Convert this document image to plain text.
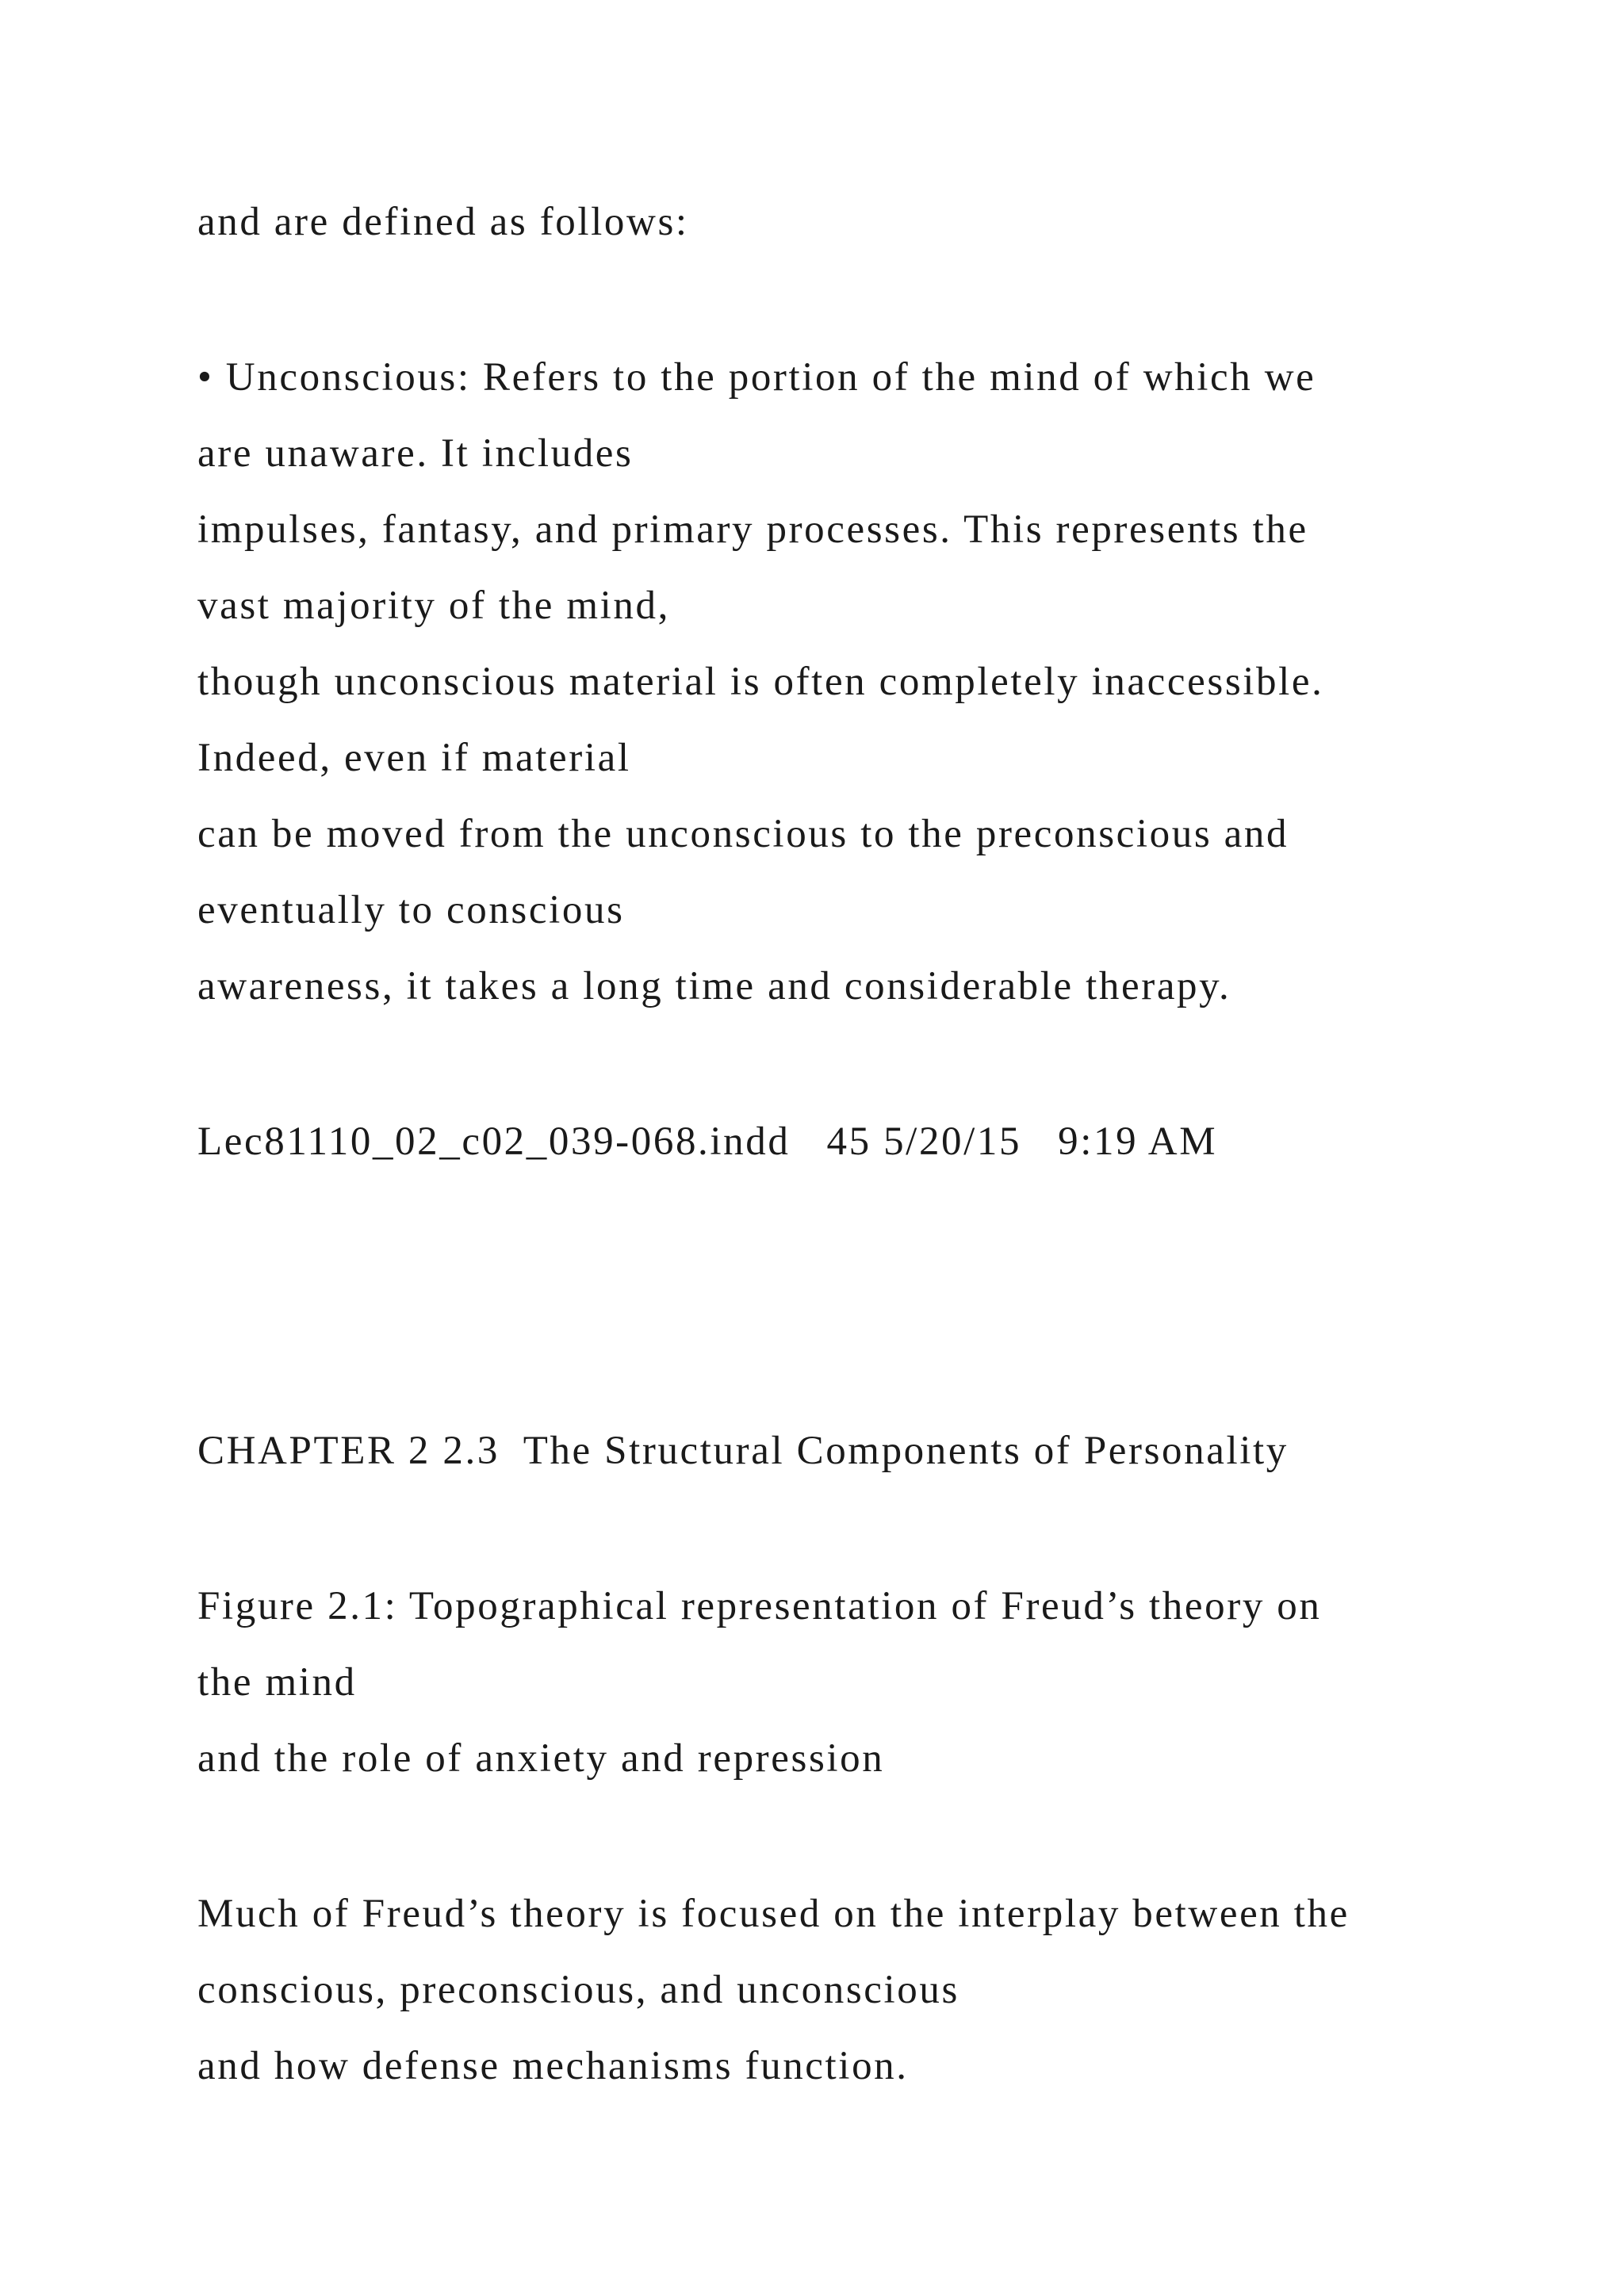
and are defined as follows:
• Unconscious: Refers to the portion of the mind of which we
are unaware. It includes
impulses, fantasy, and primary processes. This represents the
vast majority of the mind,
though unconscious material is often completely inaccessible.
Indeed, even if material
can be moved from the unconscious to the preconscious and
eventually to conscious
awareness, it takes a long time and considerable therapy.
Lec81110_02_c02_039-068.indd   45 5/20/15   9:19 AM
CHAPTER 2 2.3  The Structural Components of Personality
Figure 2.1: Topographical representation of Freud’s theory on
the mind
and the role of anxiety and repression
Much of Freud’s theory is focused on the interplay between the
conscious, preconscious, and unconscious
and how defense mechanisms function.
